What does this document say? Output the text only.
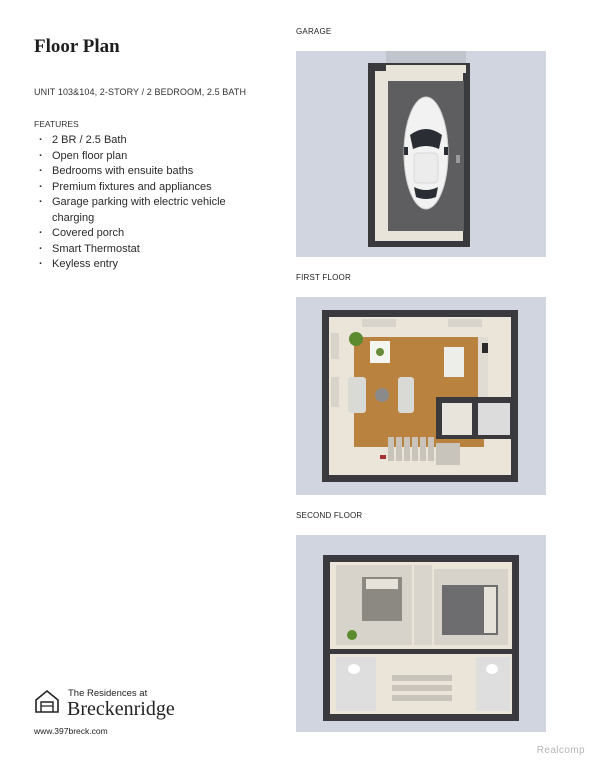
Floor Plan
UNIT 103&104, 2-STORY / 2 BEDROOM, 2.5 BATH
FEATURES
· 2 BR / 2.5 Bath
· Open floor plan
· Bedrooms with ensuite baths
· Premium fixtures and appliances
· Garage parking with electric vehicle charging
· Covered porch
· Smart Thermostat
· Keyless entry
GARAGE
FIRST FLOOR
SECOND FLOOR
The Residences at
Breckenridge
www.397breck.com
Realcomp
